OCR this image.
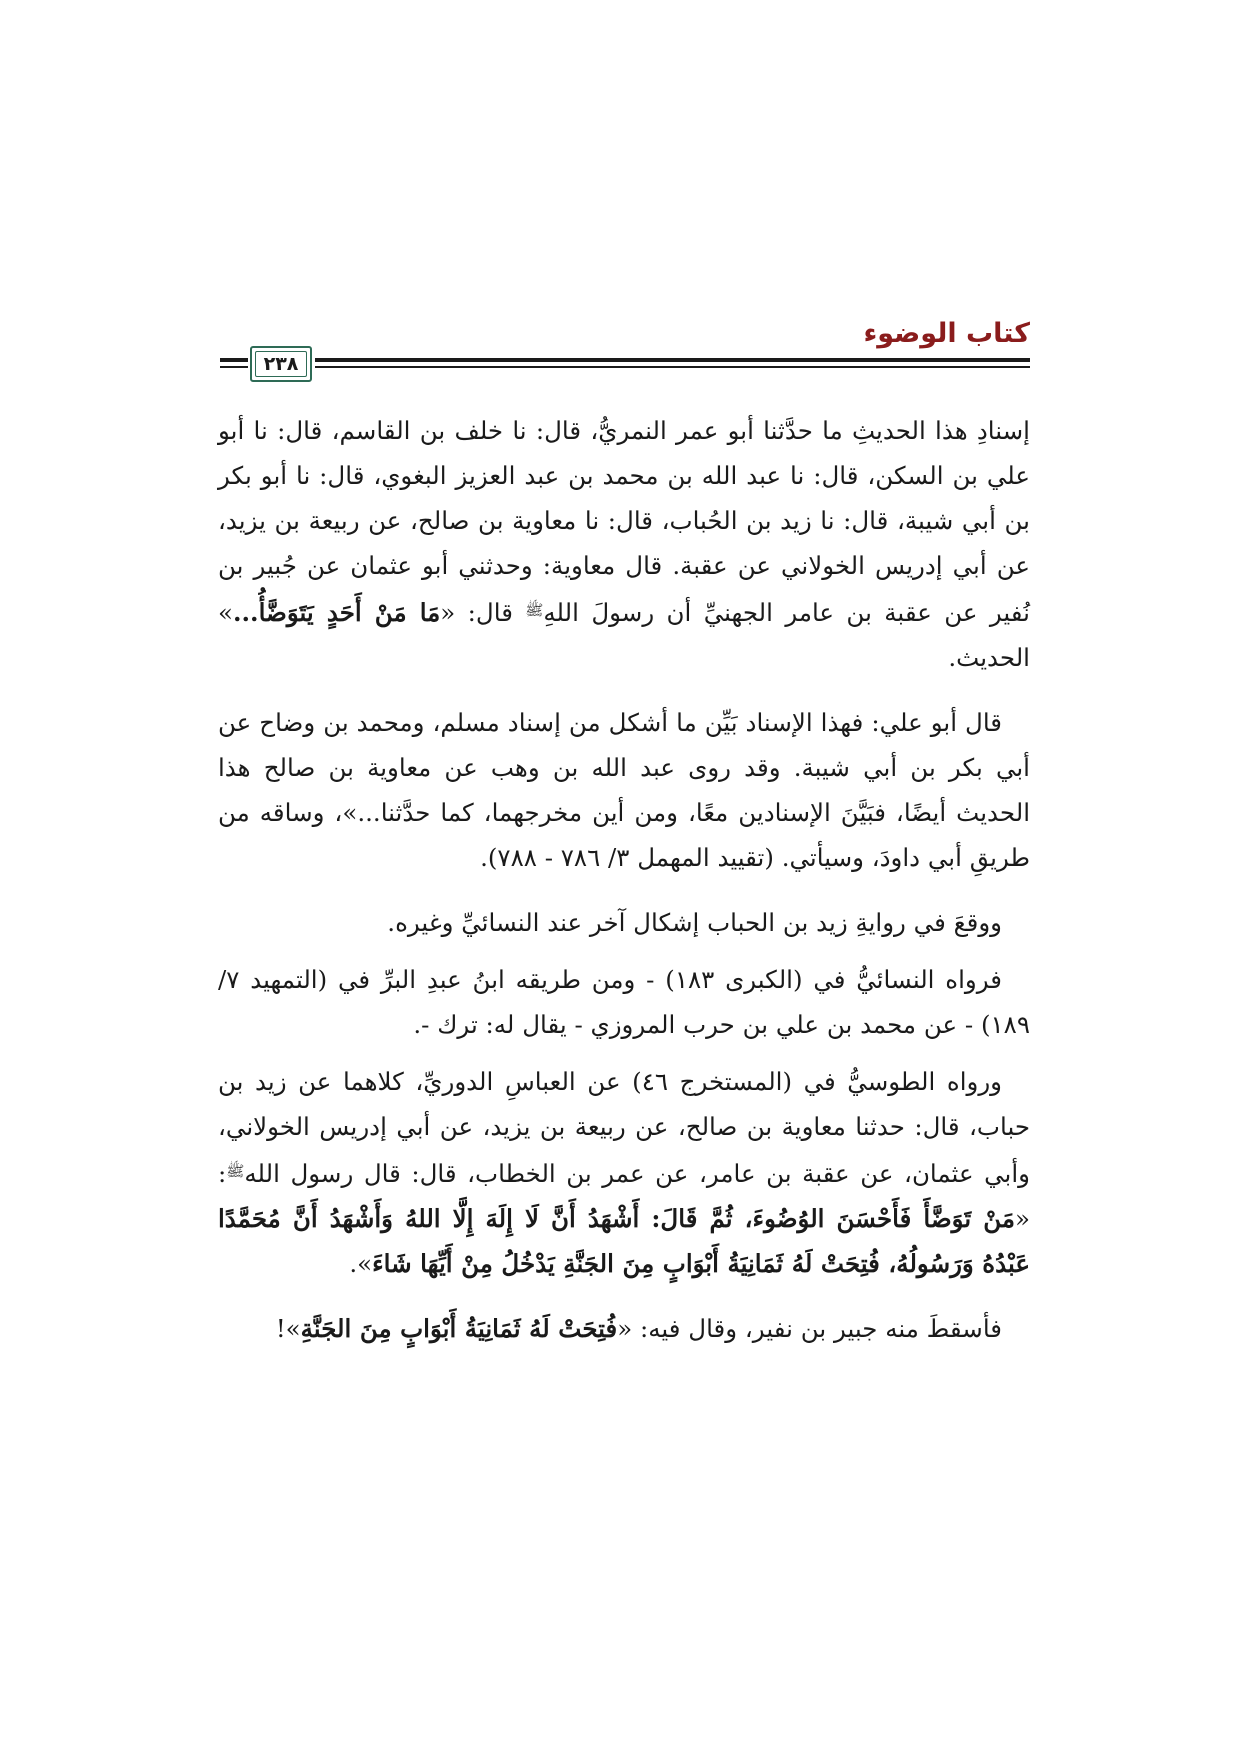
كتاب الوضوء
٢٣٨

إسنادِ هذا الحديثِ ما حدَّثنا أبو عمر النمريُّ، قال: نا خلف بن القاسم، قال: نا أبو علي بن السكن، قال: نا عبد الله بن محمد بن عبد العزيز البغوي، قال: نا أبو بكر بن أبي شيبة، قال: نا زيد بن الحُباب، قال: نا معاوية بن صالح، عن ربيعة بن يزيد، عن أبي إدريس الخولاني عن عقبة. قال معاوية: وحدثني أبو عثمان عن جُبير بن نُفير عن عقبة بن عامر الجهنيِّ أن رسولَ اللهِ$^ﷺ$ قال: «مَا مَنْ أَحَدٍ يَتَوَضَّأُ...» الحديث.

قال أبو علي: فهذا الإسناد بَيِّن ما أشكل من إسناد مسلم، ومحمد بن وضاح عن أبي بكر بن أبي شيبة. وقد روى عبد الله بن وهب عن معاوية بن صالح هذا الحديث أيضًا، فبَيَّنَ الإسنادين معًا، ومن أين مخرجهما، كما حدَّثنا...»، وساقه من طريقِ أبي داودَ، وسيأتي. (تقييد المهمل ٣/ ٧٨٦ - ٧٨٨).

ووقعَ في روايةِ زيد بن الحباب إشكال آخر عند النسائيِّ وغيره.

فرواه النسائيُّ في (الكبرى ١٨٣) - ومن طريقه ابنُ عبدِ البرِّ في (التمهيد ٧/ ١٨٩) - عن محمد بن علي بن حرب المروزي - يقال له: ترك -.

ورواه الطوسيُّ في (المستخرج ٤٦) عن العباسِ الدوريِّ، كلاهما عن زيد بن حباب، قال: حدثنا معاوية بن صالح، عن ربيعة بن يزيد، عن أبي إدريس الخولاني، وأبي عثمان، عن عقبة بن عامر، عن عمر بن الخطاب، قال: قال رسول الله$^ﷺ$: «مَنْ تَوَضَّأَ فَأَحْسَنَ الوُضُوءَ، ثُمَّ قَالَ: أَشْهَدُ أَنَّ لَا إِلَهَ إِلَّا اللهُ وَأَشْهَدُ أَنَّ مُحَمَّدًا عَبْدُهُ وَرَسُولُهُ، فُتِحَتْ لَهُ ثَمَانِيَةُ أَبْوَابٍ مِنَ الجَنَّةِ يَدْخُلُ مِنْ أَيِّهَا شَاءَ».

فأسقطَ منه جبير بن نفير، وقال فيه: «فُتِحَتْ لَهُ ثَمَانِيَةُ أَبْوَابٍ مِنَ الجَنَّةِ»!
